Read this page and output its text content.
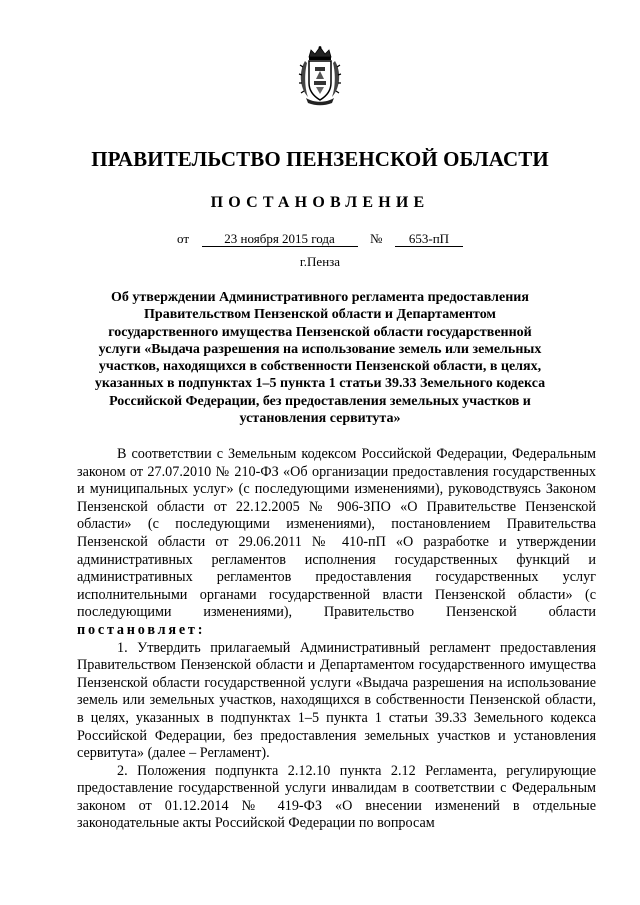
ПРАВИТЕЛЬСТВО ПЕНЗЕНСКОЙ ОБЛАСТИ
ПОСТАНОВЛЕНИЕ
от	23 ноября 2015 года	№ 653-пП
г.Пенза
Об утверждении Административного регламента предоставления Правительством Пензенской области и Департаментом государственного имущества Пензенской области государственной услуги «Выдача разрешения на использование земель или земельных участков, находящихся в собственности Пензенской области, в целях, указанных в подпунктах 1–5 пункта 1 статьи 39.33 Земельного кодекса Российской Федерации, без предоставления земельных участков и установления сервитута»

В соответствии с Земельным кодексом Российской Федерации, Федеральным законом от 27.07.2010 № 210-ФЗ «Об организации предоставления государственных и муниципальных услуг» (с последующими изменениями), руководствуясь Законом Пензенской области от 22.12.2005 № 906-ЗПО «О Правительстве Пензенской области» (с последующими изменениями), постановлением Правительства Пензенской области от 29.06.2011 № 410-пП «О разработке и утверждении административных регламентов исполнения государственных функций и административных регламентов предоставления государственных услуг исполнительными органами государственной власти Пензенской области» (с последующими изменениями), Правительство Пензенской области постановляет:

1. Утвердить прилагаемый Административный регламент предоставления Правительством Пензенской области и Департаментом государственного имущества Пензенской области государственной услуги «Выдача разрешения на использование земель или земельных участков, находящихся в собственности Пензенской области, в целях, указанных в подпунктах 1–5 пункта 1 статьи 39.33 Земельного кодекса Российской Федерации, без предоставления земельных участков и установления сервитута» (далее – Регламент).

2. Положения подпункта 2.12.10 пункта 2.12 Регламента, регулирующие предоставление государственной услуги инвалидам в соответствии с Федеральным законом от 01.12.2014 № 419-ФЗ «О внесении изменений в отдельные законодательные акты Российской Федерации по вопросам
